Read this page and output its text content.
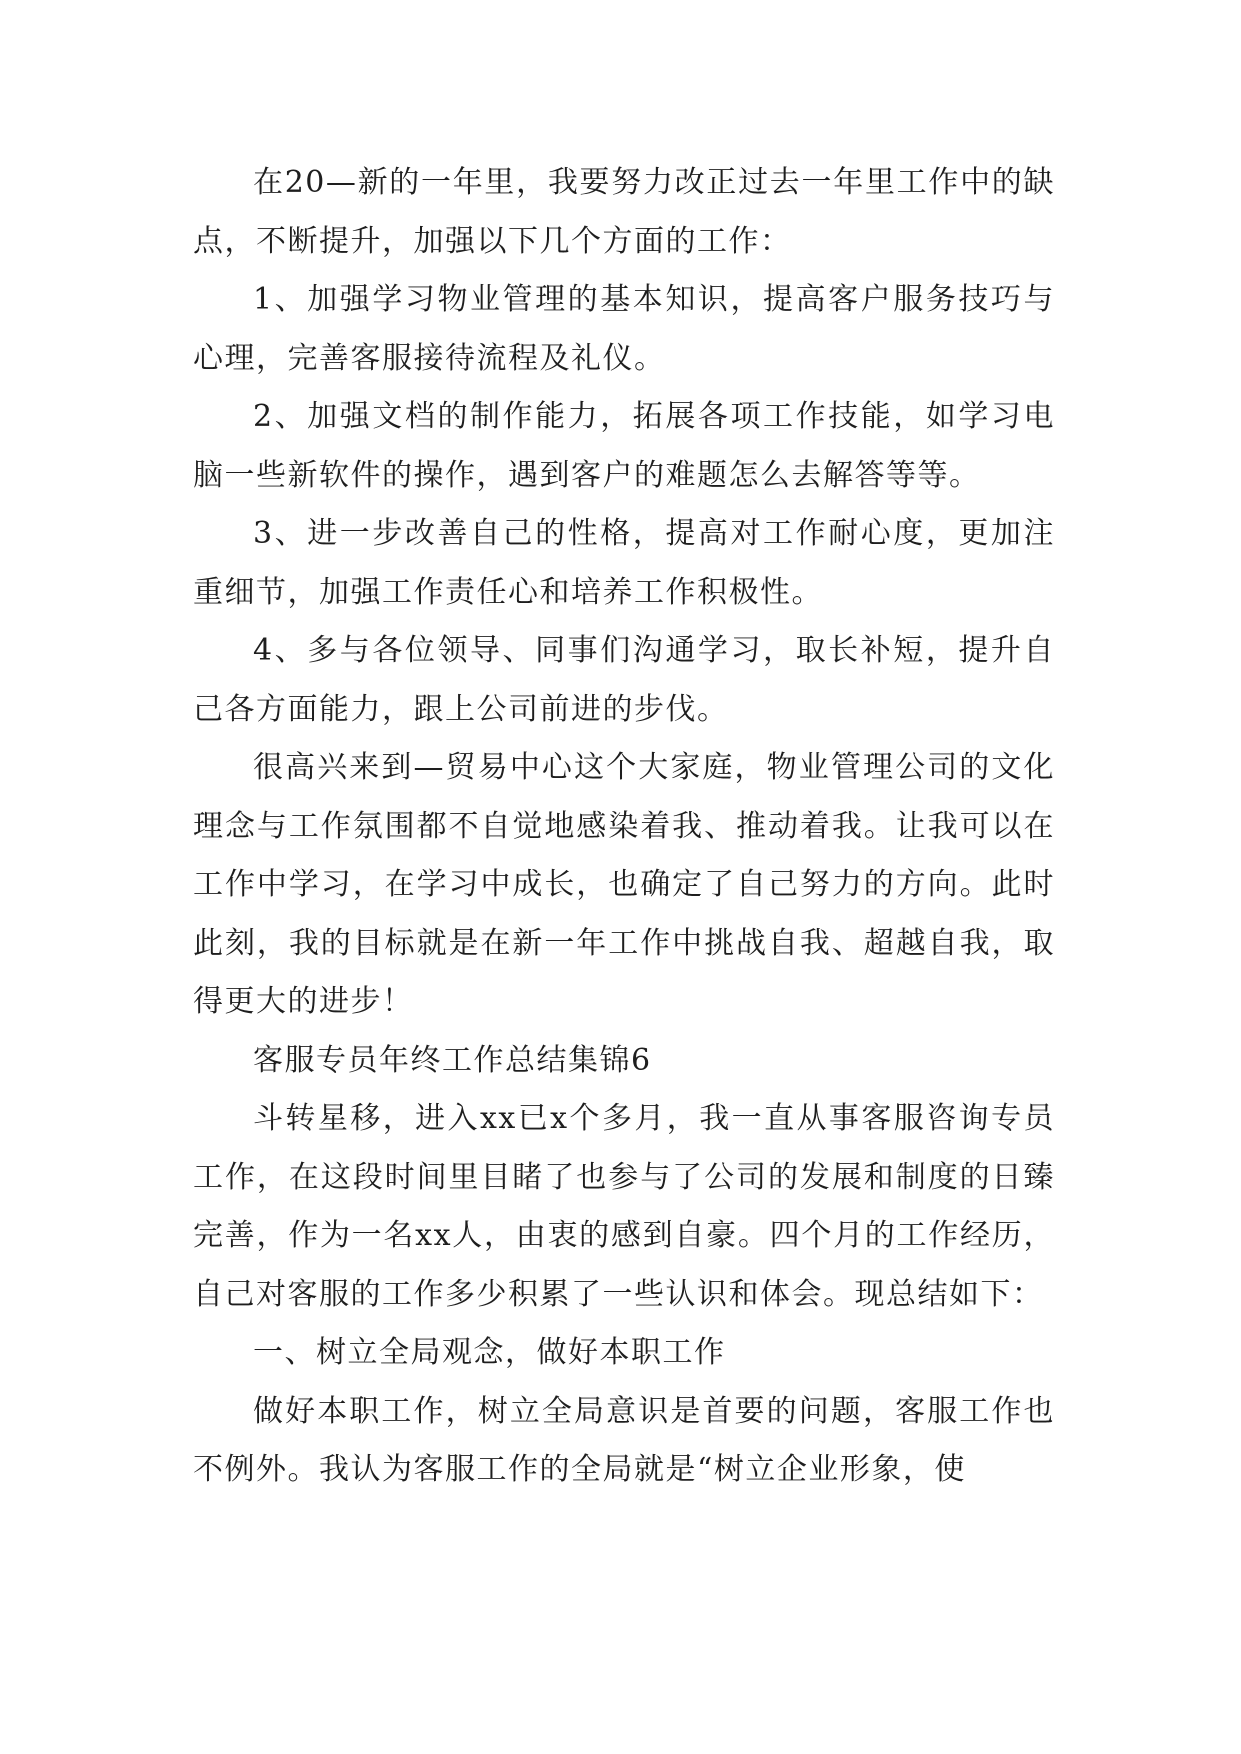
在20—新的一年里，我要努力改正过去一年里工作中的缺点，不断提升，加强以下几个方面的工作：

1、加强学习物业管理的基本知识，提高客户服务技巧与心理，完善客服接待流程及礼仪。

2、加强文档的制作能力，拓展各项工作技能，如学习电脑一些新软件的操作，遇到客户的难题怎么去解答等等。

3、进一步改善自己的性格，提高对工作耐心度，更加注重细节，加强工作责任心和培养工作积极性。

4、多与各位领导、同事们沟通学习，取长补短，提升自己各方面能力，跟上公司前进的步伐。

很高兴来到—贸易中心这个大家庭，物业管理公司的文化理念与工作氛围都不自觉地感染着我、推动着我。让我可以在工作中学习，在学习中成长，也确定了自己努力的方向。此时此刻，我的目标就是在新一年工作中挑战自我、超越自我，取得更大的进步！

客服专员年终工作总结集锦6

斗转星移，进入xx已x个多月，我一直从事客服咨询专员工作，在这段时间里目睹了也参与了公司的发展和制度的日臻完善，作为一名xx人，由衷的感到自豪。四个月的工作经历，自己对客服的工作多少积累了一些认识和体会。现总结如下：

一、树立全局观念，做好本职工作

做好本职工作，树立全局意识是首要的问题，客服工作也不例外。我认为客服工作的全局就是“树立企业形象，使
